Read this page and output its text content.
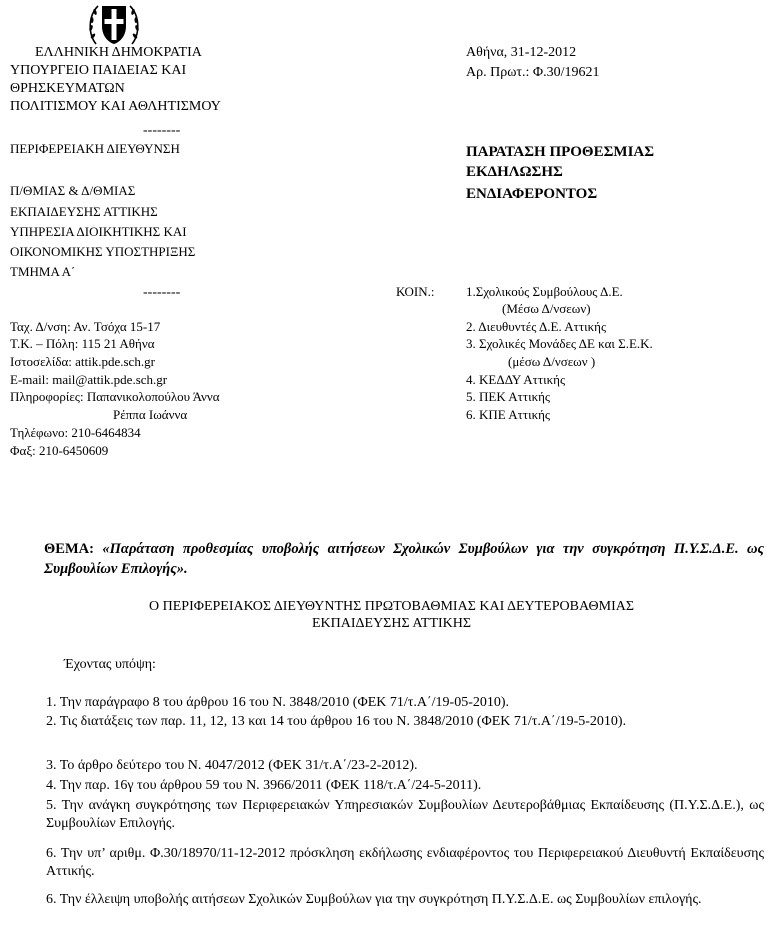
ΕΛΛΗΝΙΚΗ ΔΗΜΟΚΡΑΤΙΑ
ΥΠΟΥΡΓΕΙΟ ΠΑΙΔΕΙΑΣ ΚΑΙ
ΘΡΗΣΚΕΥΜΑΤΩΝ
ΠΟΛΙΤΙΣΜΟΥ ΚΑΙ ΑΘΛΗΤΙΣΜΟΥ
--------
ΠΕΡΙΦΕΡΕΙΑΚΗ ΔΙΕΥΘΥΝΣΗ
Π/ΘΜΙΑΣ & Δ/ΘΜΙΑΣ
ΕΚΠΑΙΔΕΥΣΗΣ ΑΤΤΙΚΗΣ
ΥΠΗΡΕΣΙΑ ΔΙΟΙΚΗΤΙΚΗΣ ΚΑΙ
ΟΙΚΟΝΟΜΙΚΗΣ ΥΠΟΣΤΗΡΙΞΗΣ
ΤΜΗΜΑ Α΄
--------
Αθήνα, 31-12-2012
Αρ. Πρωτ.: Φ.30/19621
ΠΑΡΑΤΑΣΗ ΠΡΟΘΕΣΜΙΑΣ
ΕΚΔΗΛΩΣΗΣ
ΕΝΔΙΑΦΕΡΟΝΤΟΣ
ΚΟΙΝ.: 1.Σχολικούς Συμβούλους Δ.Ε.
(Μέσω Δ/νσεων)
2. Διευθυντές Δ.Ε. Αττικής
3. Σχολικές Μονάδες ΔΕ και Σ.Ε.Κ.
(μέσω Δ/νσεων )
4. ΚΕΔΔΥ Αττικής
5. ΠΕΚ Αττικής
6. ΚΠΕ Αττικής
Ταχ. Δ/νση: Αν. Τσόχα 15-17
Τ.Κ. – Πόλη: 115 21 Αθήνα
Ιστοσελίδα: attik.pde.sch.gr
E-mail: mail@attik.pde.sch.gr
Πληροφορίες: Παπανικολοπούλου Άννα
Ρέππα Ιωάννα
Τηλέφωνο: 210-6464834
Φαξ: 210-6450609
ΘΕΜΑ: «Παράταση προθεσμίας υποβολής αιτήσεων Σχολικών Συμβούλων για την συγκρότηση Π.Υ.Σ.Δ.Ε. ως Συμβουλίων Επιλογής».
Ο ΠΕΡΙΦΕΡΕΙΑΚΟΣ ΔΙΕΥΘΥΝΤΗΣ ΠΡΩΤΟΒΑΘΜΙΑΣ ΚΑΙ ΔΕΥΤΕΡΟΒΑΘΜΙΑΣ
ΕΚΠΑΙΔΕΥΣΗΣ ΑΤΤΙΚΗΣ
Έχοντας υπόψη:
1. Την παράγραφο 8 του άρθρου 16 του Ν. 3848/2010 (ΦΕΚ 71/τ.Α΄/19-05-2010).
2. Τις διατάξεις των παρ. 11, 12, 13 και 14 του άρθρου 16 του Ν. 3848/2010 (ΦΕΚ 71/τ.Α΄/19-5-2010).
3. Το άρθρο δεύτερο του Ν. 4047/2012 (ΦΕΚ 31/τ.Α΄/23-2-2012).
4. Την παρ. 16γ του άρθρου 59 του Ν. 3966/2011 (ΦΕΚ 118/τ.Α΄/24-5-2011).
5. Την ανάγκη συγκρότησης των Περιφερειακών Υπηρεσιακών Συμβουλίων Δευτεροβάθμιας Εκπαίδευσης (Π.Υ.Σ.Δ.Ε.), ως Συμβουλίων Επιλογής.
6. Την υπ’ αριθμ. Φ.30/18970/11-12-2012 πρόσκληση εκδήλωσης ενδιαφέροντος του Περιφερειακού Διευθυντή Εκπαίδευσης Αττικής.
6. Την έλλειψη υποβολής αιτήσεων Σχολικών Συμβούλων για την συγκρότηση Π.Υ.Σ.Δ.Ε. ως Συμβουλίων επιλογής.
